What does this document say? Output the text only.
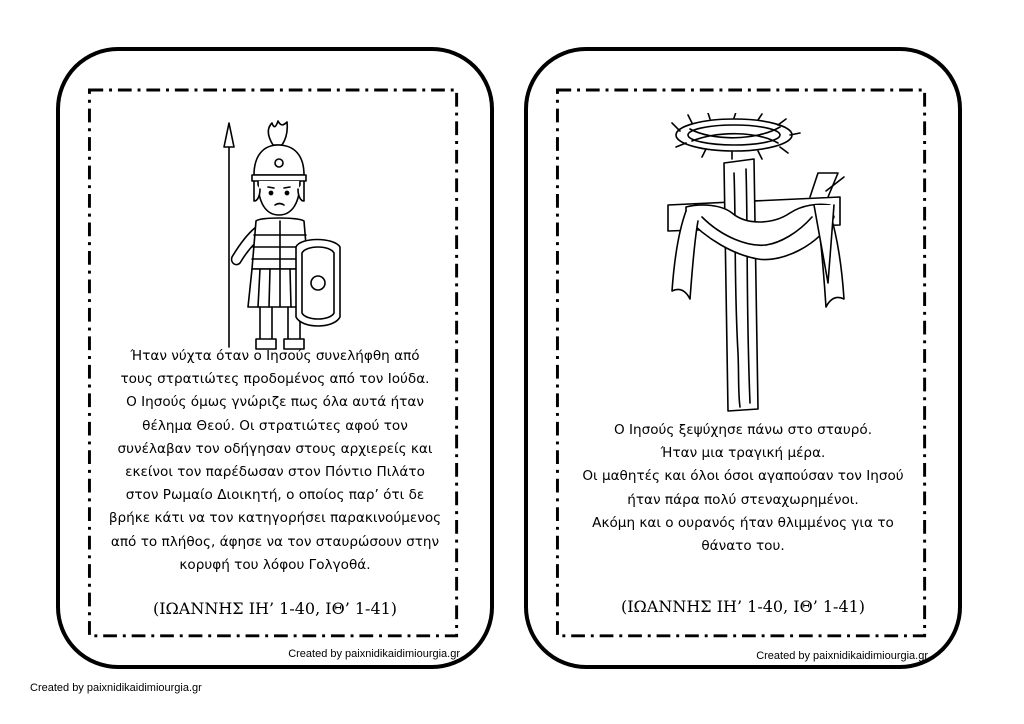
Ήταν νύχτα όταν ο Ιησούς συνελήφθη από
τους στρατιώτες προδομένος από τον Ιούδα.
Ο Ιησούς όμως γνώριζε πως όλα αυτά ήταν
θέλημα Θεού. Οι στρατιώτες αφού τον
συνέλαβαν τον οδήγησαν στους αρχιερείς και
εκείνοι τον παρέδωσαν στον Πόντιο Πιλάτο
στον Ρωμαίο Διοικητή, ο οποίος παρ’ ότι δε
βρήκε κάτι να τον κατηγορήσει παρακινούμενος
από το πλήθος, άφησε να τον σταυρώσουν στην
κορυφή του λόφου Γολγοθά.
(ΙΩΑΝΝΗΣ ΙΗ’ 1-40, ΙΘ’ 1-41)
Created by paixnidikaidimiourgia.gr
Ο Ιησούς ξεψύχησε πάνω στο σταυρό.
Ήταν μια τραγική μέρα.
Οι μαθητές και όλοι όσοι αγαπούσαν τον Ιησού
ήταν πάρα πολύ στεναχωρημένοι.
Ακόμη και ο ουρανός ήταν θλιμμένος για το
θάνατο του.
(ΙΩΑΝΝΗΣ ΙΗ’ 1-40, ΙΘ’ 1-41)
Created by paixnidikaidimiourgia.gr
Created by paixnidikaidimiourgia.gr
